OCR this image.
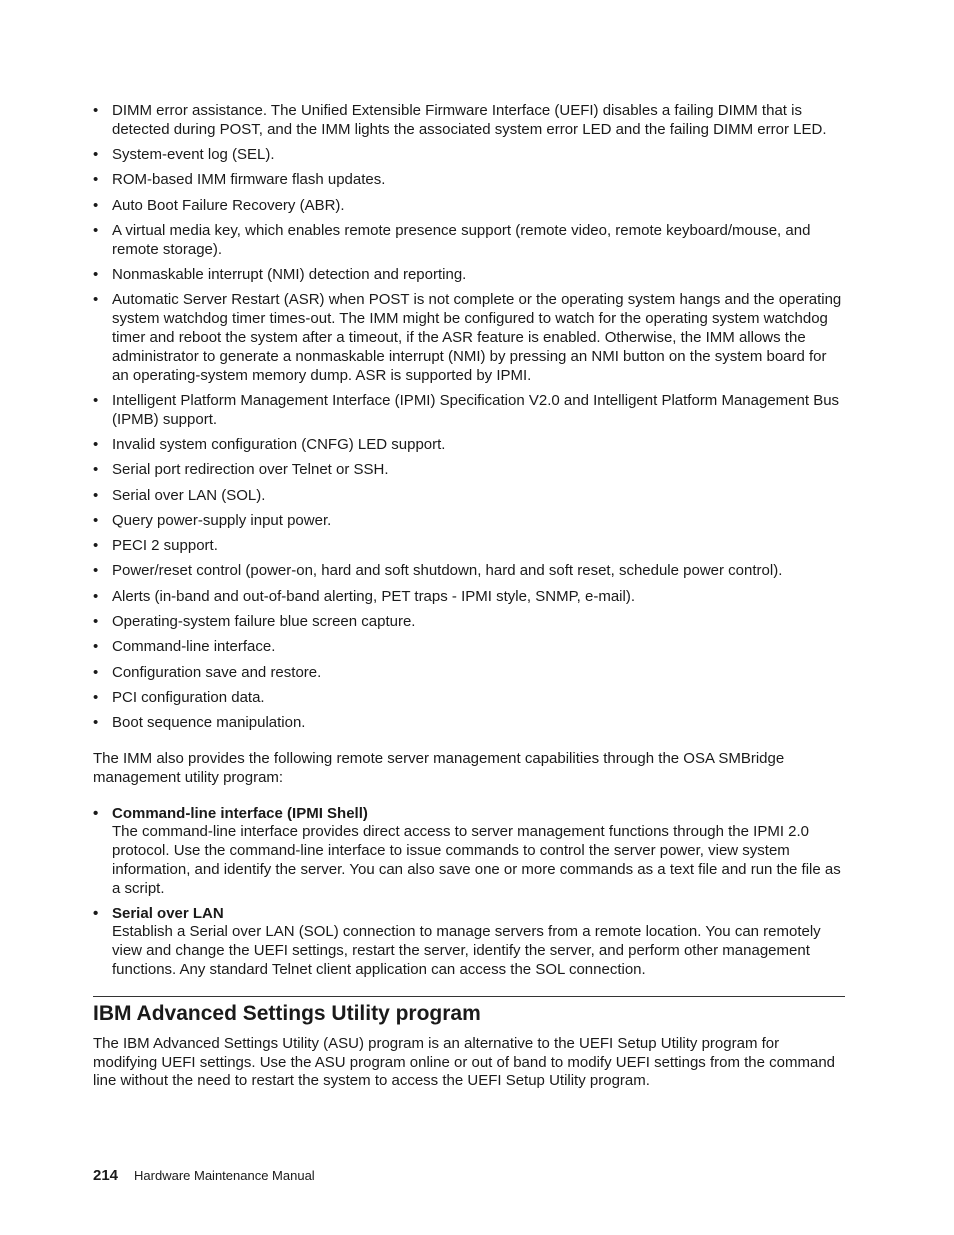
• DIMM error assistance. The Unified Extensible Firmware Interface (UEFI) disables a failing DIMM that is detected during POST, and the IMM lights the associated system error LED and the failing DIMM error LED.
• System-event log (SEL).
• ROM-based IMM firmware flash updates.
• Auto Boot Failure Recovery (ABR).
• A virtual media key, which enables remote presence support (remote video, remote keyboard/mouse, and remote storage).
• Nonmaskable interrupt (NMI) detection and reporting.
• Automatic Server Restart (ASR) when POST is not complete or the operating system hangs and the operating system watchdog timer times-out. The IMM might be configured to watch for the operating system watchdog timer and reboot the system after a timeout, if the ASR feature is enabled. Otherwise, the IMM allows the administrator to generate a nonmaskable interrupt (NMI) by pressing an NMI button on the system board for an operating-system memory dump. ASR is supported by IPMI.
• Intelligent Platform Management Interface (IPMI) Specification V2.0 and Intelligent Platform Management Bus (IPMB) support.
• Invalid system configuration (CNFG) LED support.
• Serial port redirection over Telnet or SSH.
• Serial over LAN (SOL).
• Query power-supply input power.
• PECI 2 support.
• Power/reset control (power-on, hard and soft shutdown, hard and soft reset, schedule power control).
• Alerts (in-band and out-of-band alerting, PET traps - IPMI style, SNMP, e-mail).
• Operating-system failure blue screen capture.
• Command-line interface.
• Configuration save and restore.
• PCI configuration data.
• Boot sequence manipulation.

The IMM also provides the following remote server management capabilities through the OSA SMBridge management utility program:

• Command-line interface (IPMI Shell)
The command-line interface provides direct access to server management functions through the IPMI 2.0 protocol. Use the command-line interface to issue commands to control the server power, view system information, and identify the server. You can also save one or more commands as a text file and run the file as a script.
• Serial over LAN
Establish a Serial over LAN (SOL) connection to manage servers from a remote location. You can remotely view and change the UEFI settings, restart the server, identify the server, and perform other management functions. Any standard Telnet client application can access the SOL connection.
IBM Advanced Settings Utility program

The IBM Advanced Settings Utility (ASU) program is an alternative to the UEFI Setup Utility program for modifying UEFI settings. Use the ASU program online or out of band to modify UEFI settings from the command line without the need to restart the system to access the UEFI Setup Utility program.

214 Hardware Maintenance Manual
